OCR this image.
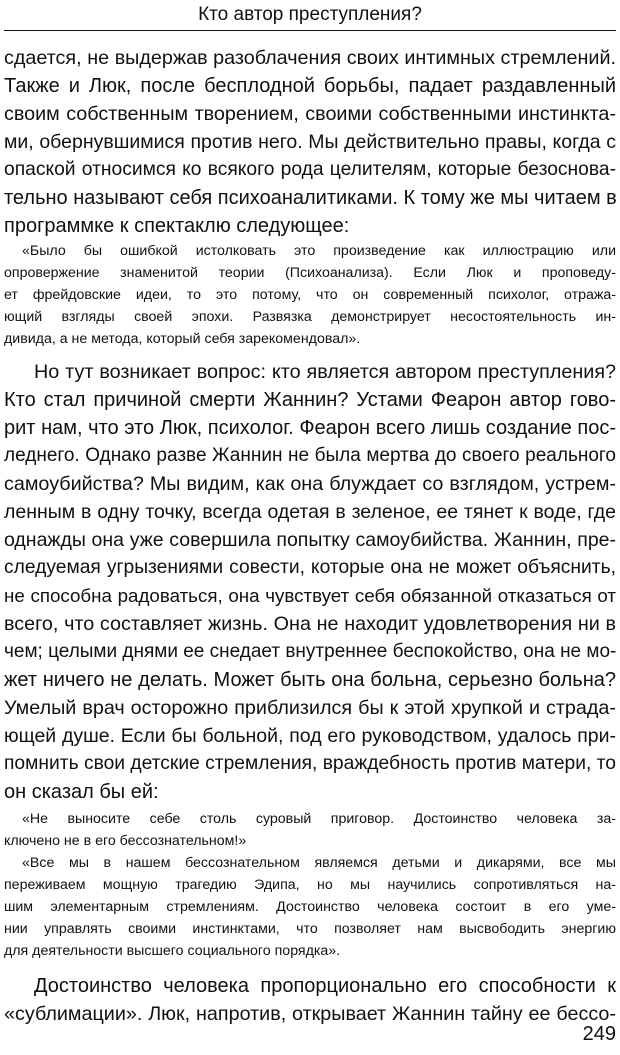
Кто автор преступления?
сдается, не выдержав разоблачения своих интимных стремлений.
Также и Люк, после бесплодной борьбы, падает раздавленный
своим собственным творением, своими собственными инстинкта-
ми, обернувшимися против него. Мы действительно правы, когда с
опаской относимся ко всякого рода целителям, которые безоснова-
тельно называют себя психоаналитиками. К тому же мы читаем в
программке к спектаклю следующее:
«Было бы ошибкой истолковать это произведение как иллюстрацию или
опровержение знаменитой теории (Психоанализа). Если Люк и проповеду-
ет фрейдовские идеи, то это потому, что он современный психолог, отража-
ющий взгляды своей эпохи. Развязка демонстрирует несостоятельность ин-
дивида, а не метода, который себя зарекомендовал».
Но тут возникает вопрос: кто является автором преступления?
Кто стал причиной смерти Жаннин? Устами Феарон автор гово-
рит нам, что это Люк, психолог. Феарон всего лишь создание пос-
леднего. Однако разве Жаннин не была мертва до своего реального
самоубийства? Мы видим, как она блуждает со взглядом, устрем-
ленным в одну точку, всегда одетая в зеленое, ее тянет к воде, где
однажды она уже совершила попытку самоубийства. Жаннин, пре-
следуемая угрызениями совести, которые она не может объяснить,
не способна радоваться, она чувствует себя обязанной отказаться от
всего, что составляет жизнь. Она не находит удовлетворения ни в
чем; целыми днями ее снедает внутреннее беспокойство, она не мо-
жет ничего не делать. Может быть она больна, серьезно больна?
Умелый врач осторожно приблизился бы к этой хрупкой и страда-
ющей душе. Если бы больной, под его руководством, удалось при-
помнить свои детские стремления, враждебность против матери, то
он сказал бы ей:
«Не выносите себе столь суровый приговор. Достоинство человека за-
ключено не в его бессознательном!»
«Все мы в нашем бессознательном являемся детьми и дикарями, все мы
переживаем мощную трагедию Эдипа, но мы научились сопротивляться на-
шим элементарным стремлениям. Достоинство человека состоит в его уме-
нии управлять своими инстинктами, что позволяет нам высвободить энергию
для деятельности высшего социального порядка».
Достоинство человека пропорционально его способности к
«сублимации». Люк, напротив, открывает Жаннин тайну ее бессо-
249
